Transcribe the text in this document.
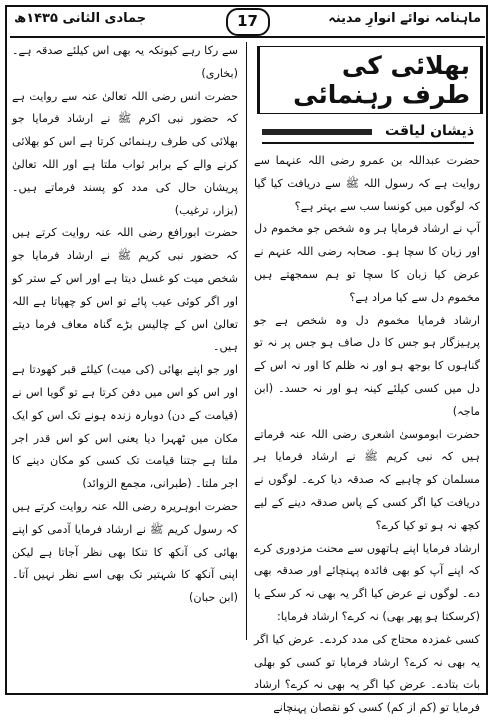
جمادی الثانی ۱۴۳۵ھ	17	ماہنامہ نوائے انوارِ مدینہ
بھلائی کی طرف رہنمائی
ذیشان لیاقت

حضرت عبداللہ بن عمرو رضی اللہ عنہما سے روایت ہے کہ رسول اللہ ﷺ سے دریافت کیا گیا کہ لوگوں میں کونسا سب سے بہتر ہے؟

آپ نے ارشاد فرمایا ہر وہ شخص جو مخموم دل اور زبان کا سچا ہو۔ صحابہ رضی اللہ عنہم نے عرض کیا زبان کا سچا تو ہم سمجھتے ہیں مخموم دل سے کیا مراد ہے؟

ارشاد فرمایا مخموم دل وہ شخص ہے جو پرہیزگار ہو جس کا دل صاف ہو جس پر نہ تو گناہوں کا بوجھ ہو اور نہ ظلم کا اور نہ اس کے دل میں کسی کیلئے کینہ ہو اور نہ حسد۔ (ابن ماجہ)

حضرت ابوموسیٰ اشعری رضی اللہ عنہ فرماتے ہیں کہ نبی کریم ﷺ نے ارشاد فرمایا ہر مسلمان کو چاہیے کہ صدقہ دیا کرے۔ لوگوں نے دریافت کیا اگر کسی کے پاس صدقہ دینے کے لیے کچھ نہ ہو تو کیا کرے؟

ارشاد فرمایا اپنے ہاتھوں سے محنت مزدوری کرے کہ اپنے آپ کو بھی فائدہ پہنچائے اور صدقہ بھی دے۔ لوگوں نے عرض کیا اگر یہ بھی نہ کر سکے یا (کرسکتا ہو پھر بھی) نہ کرے؟ ارشاد فرمایا:

کسی غمزدہ محتاج کی مدد کردے۔ عرض کیا اگر یہ بھی نہ کرے؟ ارشاد فرمایا تو کسی کو بھلی بات بتادے۔ عرض کیا اگر یہ بھی نہ کرے؟ ارشاد فرمایا تو (کم از کم) کسی کو نقصان پہنچانے

سے رکا رہے کیونکہ یہ بھی اس کیلئے صدقہ ہے۔ (بخاری)

حضرت انس رضی اللہ تعالیٰ عنہ سے روایت ہے کہ حضور نبی اکرم ﷺ نے ارشاد فرمایا جو بھلائی کی طرف رہنمائی کرتا ہے اس کو بھلائی کرنے والے کے برابر ثواب ملتا ہے اور اللہ تعالیٰ پریشان حال کی مدد کو پسند فرماتے ہیں۔ (بزار، ترغیب)

حضرت ابورافع رضی اللہ عنہ روایت کرتے ہیں کہ حضور نبی کریم ﷺ نے ارشاد فرمایا جو شخص میت کو غسل دیتا ہے اور اس کے ستر کو اور اگر کوئی عیب پائے تو اس کو چھپاتا ہے اللہ تعالیٰ اس کے چالیس بڑے گناہ معاف فرما دیتے ہیں۔

اور جو اپنے بھائی (کی میت) کیلئے قبر کھودتا ہے اور اس کو اس میں دفن کرتا ہے تو گویا اس نے (قیامت کے دن) دوبارہ زندہ ہونے تک اس کو ایک مکان میں ٹھہرا دیا یعنی اس کو اس قدر اجر ملتا ہے جتنا قیامت تک کسی کو مکان دینے کا اجر ملتا۔ (طبرانی، مجمع الزوائد)

حضرت ابوہریرہ رضی اللہ عنہ روایت کرتے ہیں کہ رسول کریم ﷺ نے ارشاد فرمایا آدمی کو اپنے بھائی کی آنکھ کا تنکا بھی نظر آجاتا ہے لیکن اپنی آنکھ کا شہتیر تک بھی اسے نظر نہیں آتا۔ (ابن حبان)
